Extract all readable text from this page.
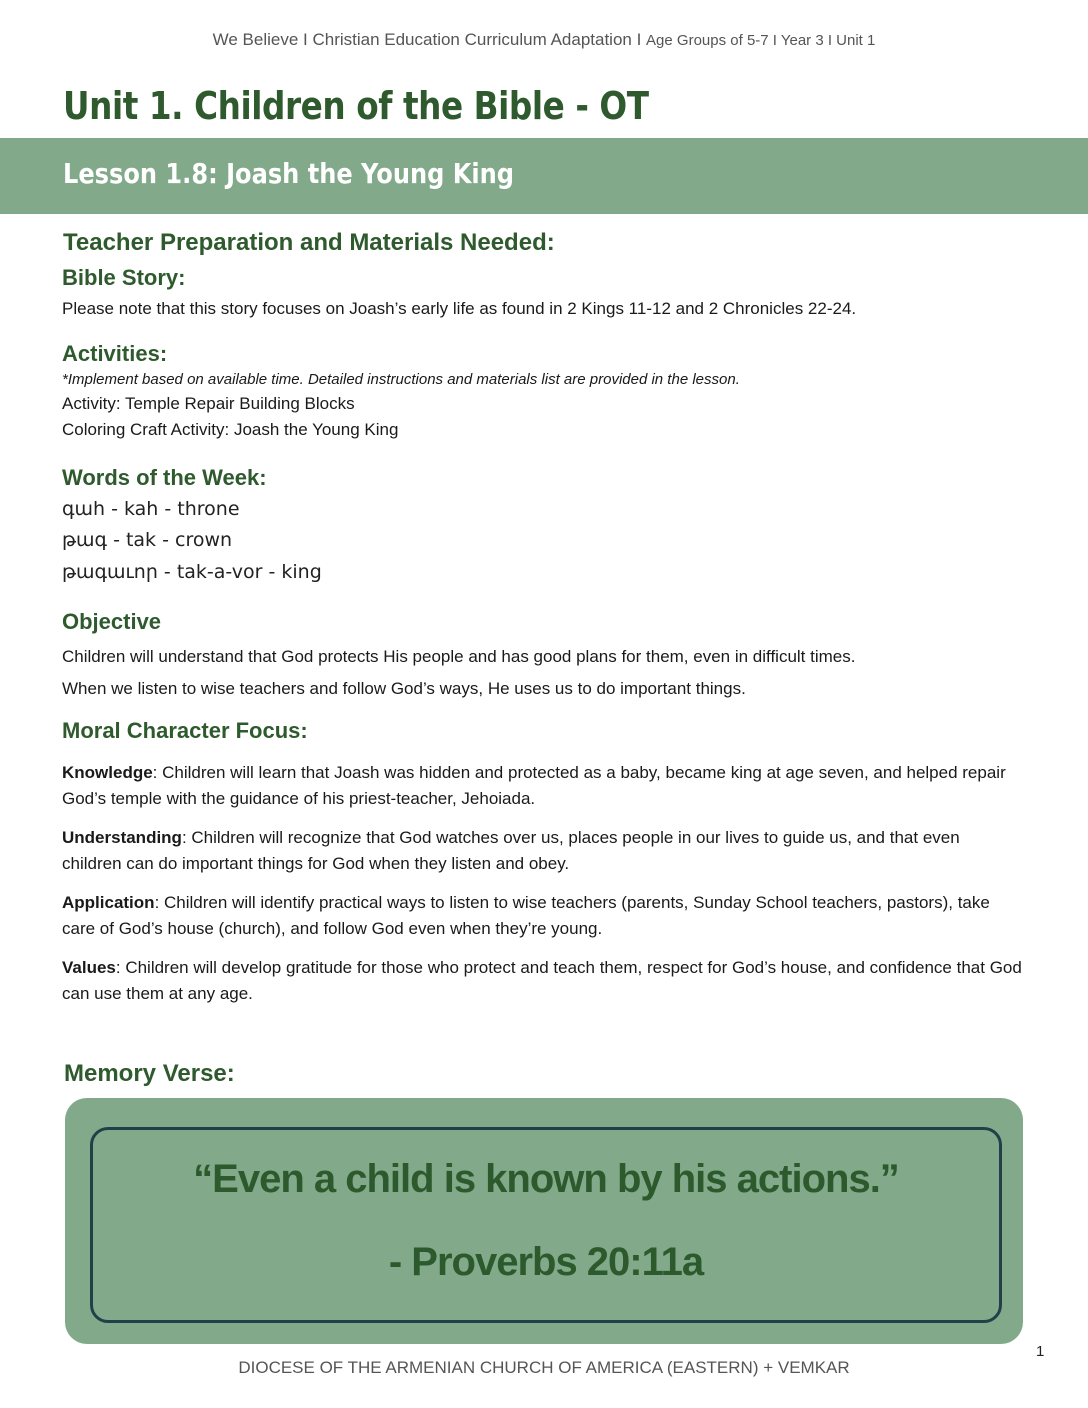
We Believe I Christian Education Curriculum Adaptation I Age Groups of 5-7 I Year 3 I Unit 1
Unit 1. Children of the Bible - OT
Lesson 1.8: Joash the Young King
Teacher Preparation and Materials Needed:
Bible Story:
Please note that this story focuses on Joash’s early life as found in 2 Kings 11-12 and 2 Chronicles 22-24.
Activities:
*Implement based on available time. Detailed instructions and materials list are provided in the lesson.
Activity: Temple Repair Building Blocks
Coloring Craft Activity: Joash the Young King
Words of the Week:
գահ - kah - throne
թագ - tak - crown
թագաւոր - tak-a-vor - king
Objective
Children will understand that God protects His people and has good plans for them, even in difficult times.
When we listen to wise teachers and follow God’s ways, He uses us to do important things.
Moral Character Focus:
Knowledge: Children will learn that Joash was hidden and protected as a baby, became king at age seven, and helped repair God’s temple with the guidance of his priest-teacher, Jehoiada.
Understanding: Children will recognize that God watches over us, places people in our lives to guide us, and that even children can do important things for God when they listen and obey.
Application: Children will identify practical ways to listen to wise teachers (parents, Sunday School teachers, pastors), take care of God’s house (church), and follow God even when they’re young.
Values: Children will develop gratitude for those who protect and teach them, respect for God’s house, and confidence that God can use them at any age.
Memory Verse:
“Even a child is known by his actions.”
- Proverbs 20:11a
1
DIOCESE OF THE ARMENIAN CHURCH OF AMERICA (EASTERN) + VEMKAR
